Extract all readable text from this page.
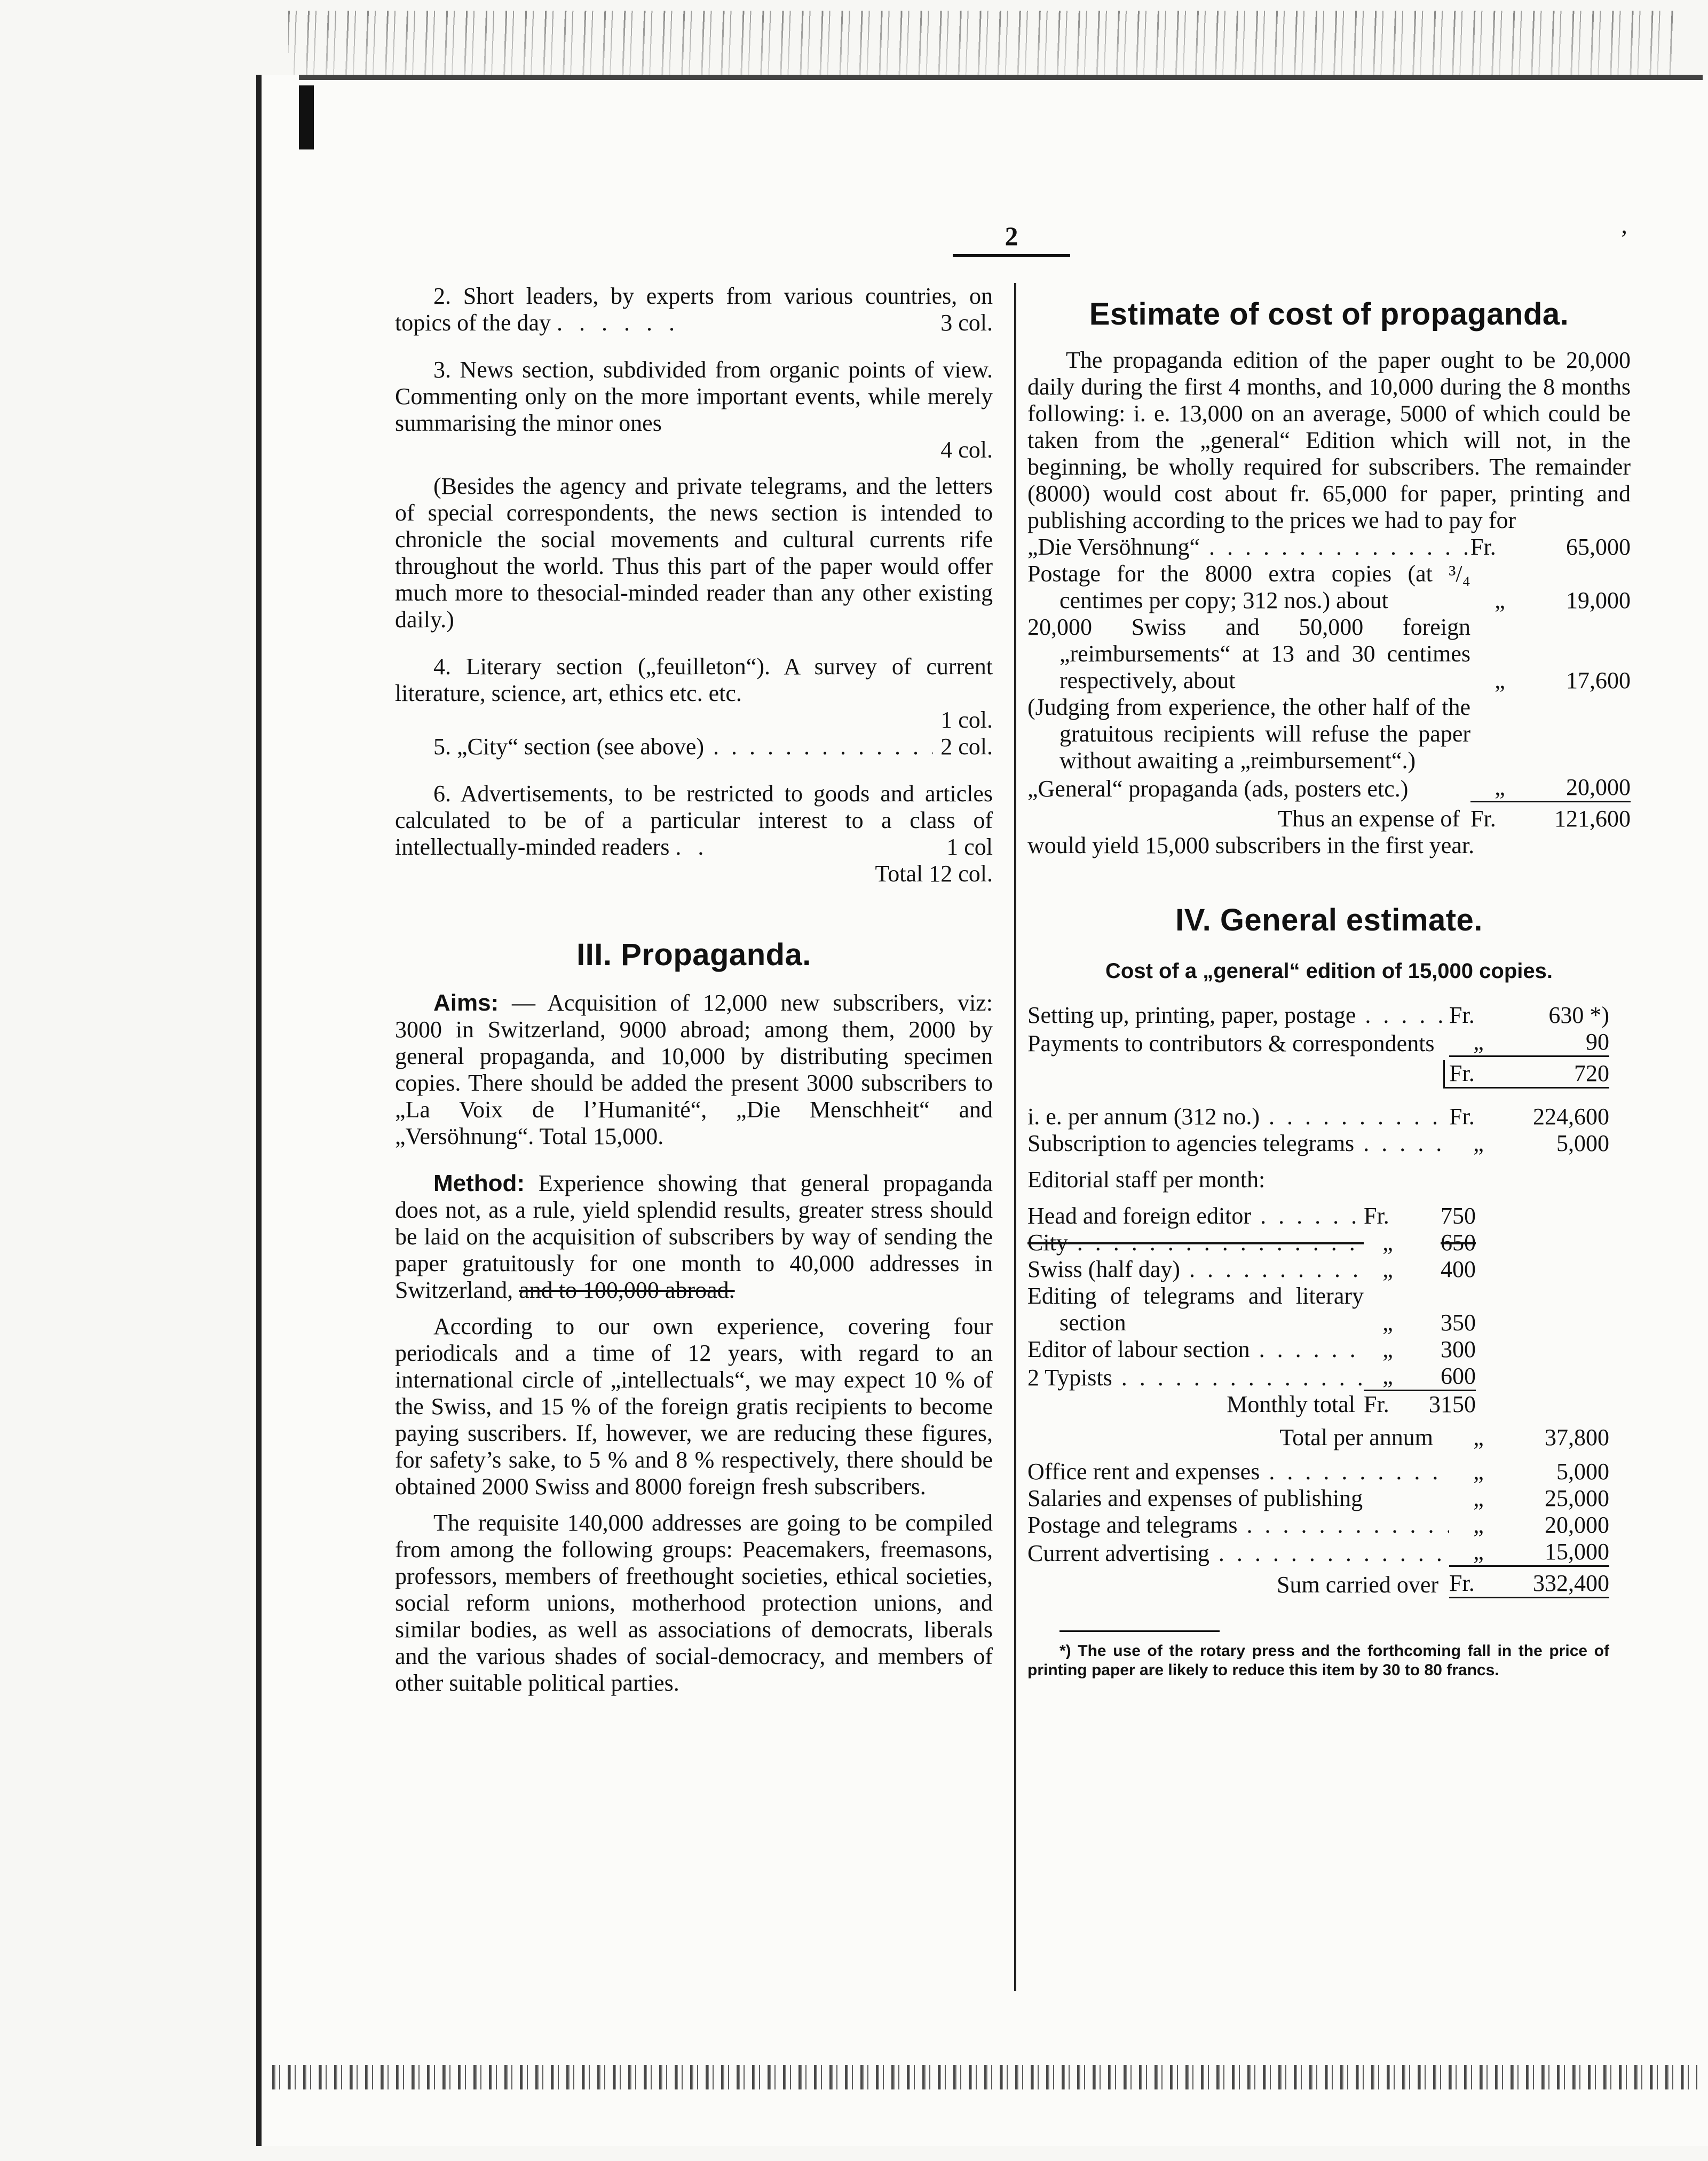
2	’

2. Short leaders, by experts from various countries, on topics of the day . . . . . .	3 col.

3. News section, subdivided from organic points of view. Commenting only on the more important events, while merely summarising the minor ones

4 col.

(Besides the agency and private telegrams, and the letters of special correspondents, the news section is intended to chronicle the social movements and cultural currents rife throughout the world. Thus this part of the paper would offer much more to thesocial-minded reader than any other existing daily.)

4. Literary section („feuilleton“). A survey of current literature, science, art, ethics etc. etc.

1 col.
5. „City“ section (see above) . . .	2 col.

6. Advertisements, to be restricted to goods and articles calculated to be of a particular interest to a class of intellectually-minded readers . .	1 col

Total 12 col.
III. Propaganda.

Aims: — Acquisition of 12,000 new subscribers, viz: 3000 in Switzerland, 9000 abroad; among them, 2000 by general propaganda, and 10,000 by distributing specimen copies. There should be added the present 3000 subscribers to „La Voix de l’Humanité“, „Die Menschheit“ and „Versöhnung“. Total 15,000.

Method: Experience showing that general propaganda does not, as a rule, yield splendid results, greater stress should be laid on the acquisition of subscribers by way of sending the paper gratuitously for one month to 40,000 addresses in Switzerland, and to 100,000 abroad.

According to our own experience, covering four periodicals and a time of 12 years, with regard to an international circle of „intellectuals“, we may expect 10 % of the Swiss, and 15 % of the foreign gratis recipients to become paying suscribers. If, however, we are reducing these figures, for safety’s sake, to 5 % and 8 % respectively, there should be obtained 2000 Swiss and 8000 foreign fresh subscribers.

The requisite 140,000 addresses are going to be compiled from among the following groups: Peacemakers, freemasons, professors, members of freethought societies, ethical societies, social reform unions, motherhood protection unions, and similar bodies, as well as associations of democrats, liberals and the various shades of social-democracy, and members of other suitable political parties.

Estimate of cost of propaganda.

The propaganda edition of the paper ought to be 20,000 daily during the first 4 months, and 10,000 during the 8 months following: i. e. 13,000 on an average, 5000 of which could be taken from the „general“ Edition which will not, in the beginning, be wholly required for subscribers. The remainder (8000) would cost about fr. 65,000 for paper, printing and publishing according to the prices we had to pay for

„Die Versöhnung“ . . .	Fr.	65,000
Postage for the 8000 extra copies (at ³/₄ centimes per copy; 312 nos.) about	„	19,000
20,000 Swiss and 50,000 foreign „reimbursements“ at 13 and 30 centimes respectively, about	„	17,600
(Judging from experience, the other half of the gratuitous recipients will refuse the paper without awaiting a „reimbursement“.)
„General“ propaganda (ads, posters etc.)	„	20,000
Thus an expense of Fr.	121,600
would yield 15,000 subscribers in the first year.
IV. General estimate.
Cost of a „general“ edition of 15,000 copies.
Setting up, printing, paper, postage . . .	Fr.	630 *)
Payments to contributors & correspondents	„	90

Fr.	720
i. e. per annum (312 no.) . . .	Fr.	224,600
Subscription to agencies telegrams . . .	„	5,000
Editorial staff per month:
Head and foreign editor . . .	Fr.	750
City . . .	„	650
Swiss (half day) . . .	„	400
Editing of telegrams and literary section	„	350
Editor of labour section . . .	„	300
2 Typists . . .	„	600
Monthly total Fr.	3150
Total per annum	„	37,800
Office rent and expenses . . .	„	5,000
Salaries and expenses of publishing	„	25,000
Postage and telegrams . . .	„	20,000
Current advertising . . .	„	15,000
Sum carried over Fr.	332,400

*) The use of the rotary press and the forthcoming fall in the price of printing paper are likely to reduce this item by 30 to 80 francs.
